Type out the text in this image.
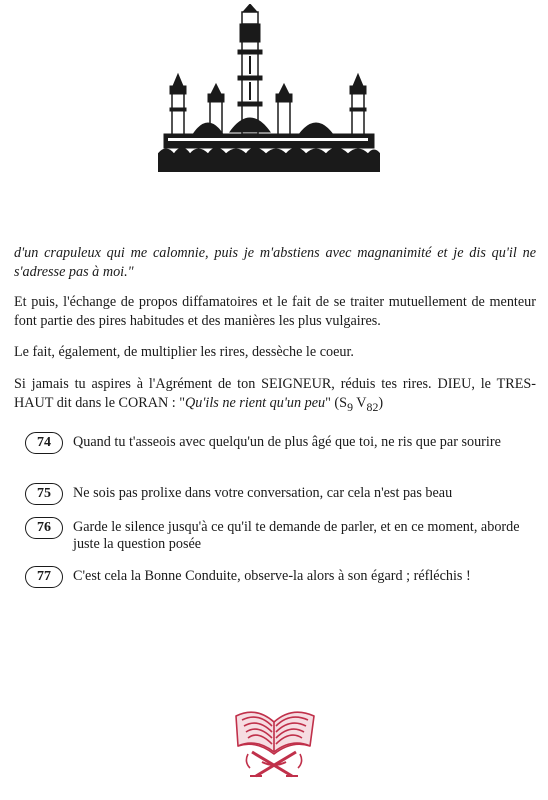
d'un crapuleux qui me calomnie, puis je m'abstiens avec magnanimité et je dis qu'il ne s'adresse pas à moi."
Et puis, l'échange de propos diffamatoires et le fait de se traiter mutuellement de menteur font partie des pires habitudes et des manières les plus vulgaires.
Le fait, également, de multiplier les rires, dessèche le coeur.
Si jamais tu aspires à l'Agrément de ton SEIGNEUR, réduis tes rires. DIEU, le TRES-HAUT dit dans le CORAN : "Qu'ils ne rient qu'un peu" ($S_9$ $V_{82}$)
74	Quand tu t'asseois avec quelqu'un de plus âgé que toi, ne ris que par sourire
75	Ne sois pas prolixe dans votre conversation, car cela n'est pas beau
76	Garde le silence jusqu'à ce qu'il te demande de parler, et en ce moment, aborde juste la question posée
77	C'est cela la Bonne Conduite, observe-la alors à son égard ; réfléchis !
